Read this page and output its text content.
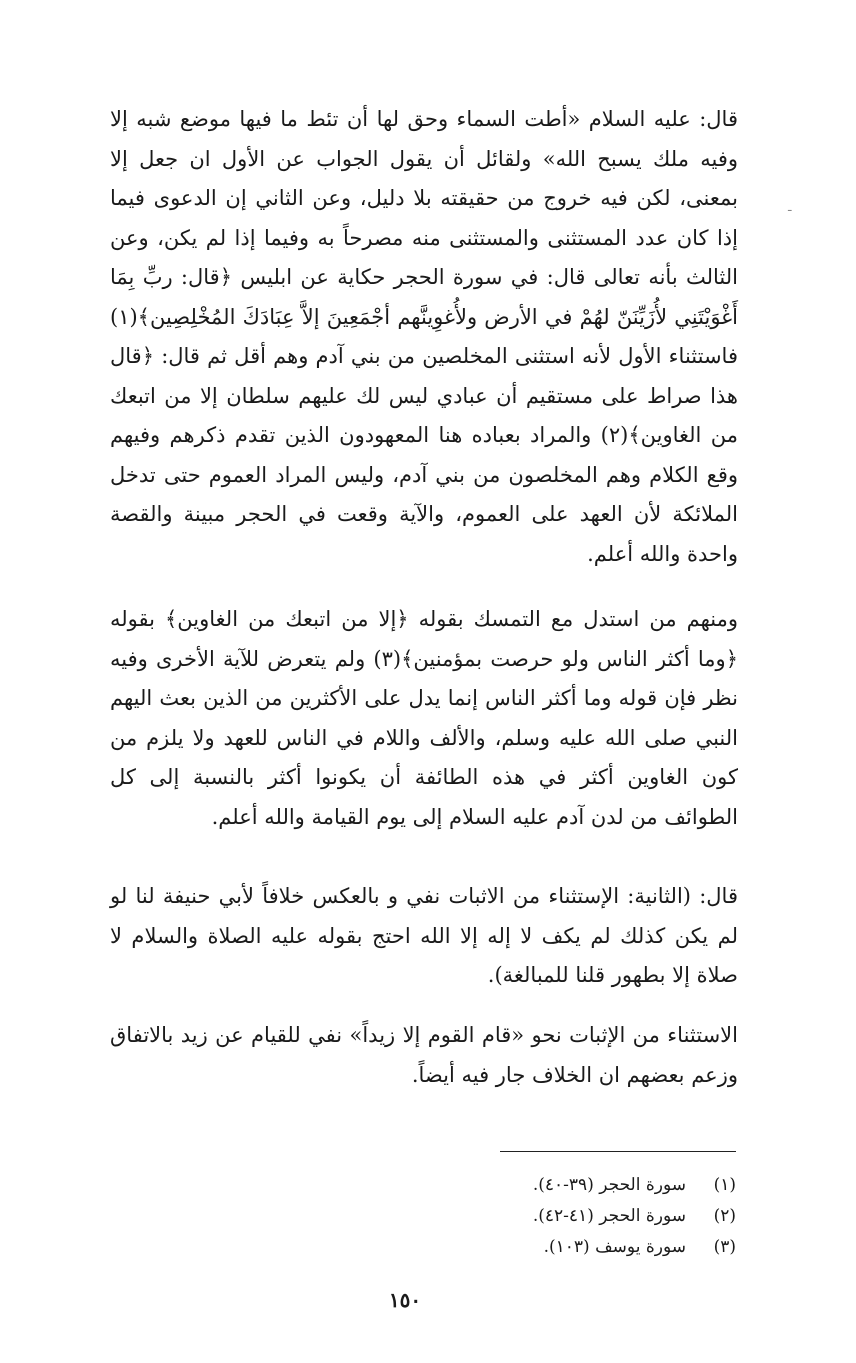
ـ

قال: عليه السلام «أطت السماء وحق لها أن تئط ما فيها موضع شبه إلا وفيه ملك يسبح الله» ولقائل أن يقول الجواب عن الأول ان جعل إلا بمعنى، لكن فيه خروج من حقيقته بلا دليل، وعن الثاني إن الدعوى فيما إذا كان عدد المستثنى والمستثنى منه مصرحاً به وفيما إذا لم يكن، وعن الثالث بأنه تعالى قال: في سورة الحجر حكاية عن ابليس ﴿قال: ربِّ بِمَا أَغْوَيْتَنِي لأُزَيِّنَنّ لهُمْ في الأرض ولأُغوِينَّهم أجْمَعِينَ إلاَّ عِبَادَكَ المُخْلِصِين﴾(١) فاستثناء الأول لأنه استثنى المخلصين من بني آدم وهم أقل ثم قال: ﴿قال هذا صراط على مستقيم أن عبادي ليس لك عليهم سلطان إلا من اتبعك من الغاوين﴾(٢) والمراد بعباده هنا المعهودون الذين تقدم ذكرهم وفيهم وقع الكلام وهم المخلصون من بني آدم، وليس المراد العموم حتى تدخل الملائكة لأن العهد على العموم، والآية وقعت في الحجر مبينة والقصة واحدة والله أعلم.

ومنهم من استدل مع التمسك بقوله ﴿إلا من اتبعك من الغاوين﴾ بقوله ﴿وما أكثر الناس ولو حرصت بمؤمنين﴾(٣) ولم يتعرض للآية الأخرى وفيه نظر فإن قوله وما أكثر الناس إنما يدل على الأكثرين من الذين بعث اليهم النبي صلى الله عليه وسلم، والألف واللام في الناس للعهد ولا يلزم من كون الغاوين أكثر في هذه الطائفة أن يكونوا أكثر بالنسبة إلى كل الطوائف من لدن آدم عليه السلام إلى يوم القيامة والله أعلم.

قال: (الثانية: الإستثناء من الاثبات نفي و بالعكس خلافاً لأبي حنيفة لنا لو لم يكن كذلك لم يكف لا إله إلا الله احتج بقوله عليه الصلاة والسلام لا صلاة إلا بطهور قلنا للمبالغة).

الاستثناء من الإثبات نحو «قام القوم إلا زيداً» نفي للقيام عن زيد بالاتفاق وزعم بعضهم ان الخلاف جار فيه أيضاً.

(١)سورة الحجر (٣٩-٤٠).
(٢)سورة الحجر (٤١-٤٢).
(٣)سورة يوسف (١٠٣).
١٥٠
